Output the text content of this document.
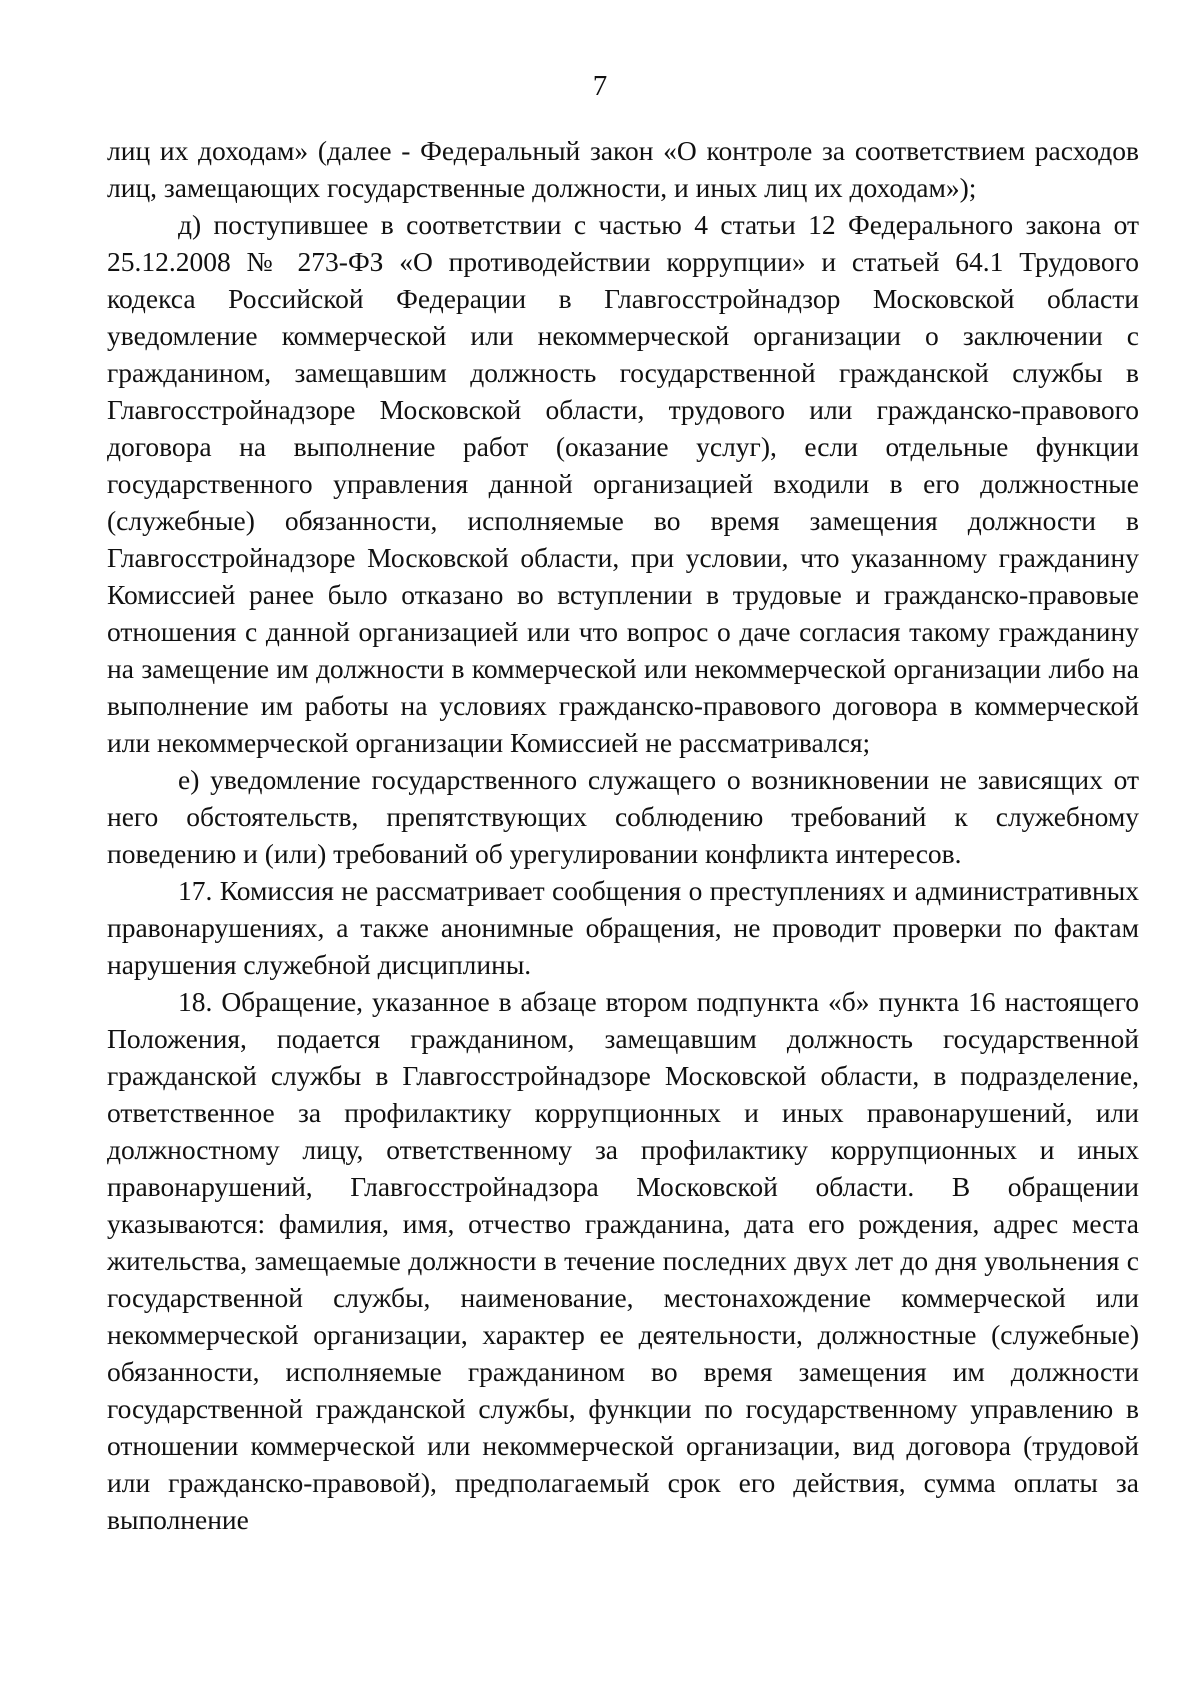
7

лиц их доходам» (далее - Федеральный закон «О контроле за соответствием расходов лиц, замещающих государственные должности, и иных лиц их доходам»);

д) поступившее в соответствии с частью 4 статьи 12 Федерального закона от 25.12.2008 № 273-ФЗ «О противодействии коррупции» и статьей 64.1 Трудового кодекса Российской Федерации в Главгосстройнадзор Московской области уведомление коммерческой или некоммерческой организации о заключении с гражданином, замещавшим должность государственной гражданской службы в Главгосстройнадзоре Московской области, трудового или гражданско-правового договора на выполнение работ (оказание услуг), если отдельные функции государственного управления данной организацией входили в его должностные (служебные) обязанности, исполняемые во время замещения должности в Главгосстройнадзоре Московской области, при условии, что указанному гражданину Комиссией ранее было отказано во вступлении в трудовые и гражданско-правовые отношения с данной организацией или что вопрос о даче согласия такому гражданину на замещение им должности в коммерческой или некоммерческой организации либо на выполнение им работы на условиях гражданско-правового договора в коммерческой или некоммерческой организации Комиссией не рассматривался;

е) уведомление государственного служащего о возникновении не зависящих от него обстоятельств, препятствующих соблюдению требований к служебному поведению и (или) требований об урегулировании конфликта интересов.

17. Комиссия не рассматривает сообщения о преступлениях и административных правонарушениях, а также анонимные обращения, не проводит проверки по фактам нарушения служебной дисциплины.

18. Обращение, указанное в абзаце втором подпункта «б» пункта 16 настоящего Положения, подается гражданином, замещавшим должность государственной гражданской службы в Главгосстройнадзоре Московской области, в подразделение, ответственное за профилактику коррупционных и иных правонарушений, или должностному лицу, ответственному за профилактику коррупционных и иных правонарушений, Главгосстройнадзора Московской области. В обращении указываются: фамилия, имя, отчество гражданина, дата его рождения, адрес места жительства, замещаемые должности в течение последних двух лет до дня увольнения с государственной службы, наименование, местонахождение коммерческой или некоммерческой организации, характер ее деятельности, должностные (служебные) обязанности, исполняемые гражданином во время замещения им должности государственной гражданской службы, функции по государственному управлению в отношении коммерческой или некоммерческой организации, вид договора (трудовой или гражданско-правовой), предполагаемый срок его действия, сумма оплаты за выполнение
